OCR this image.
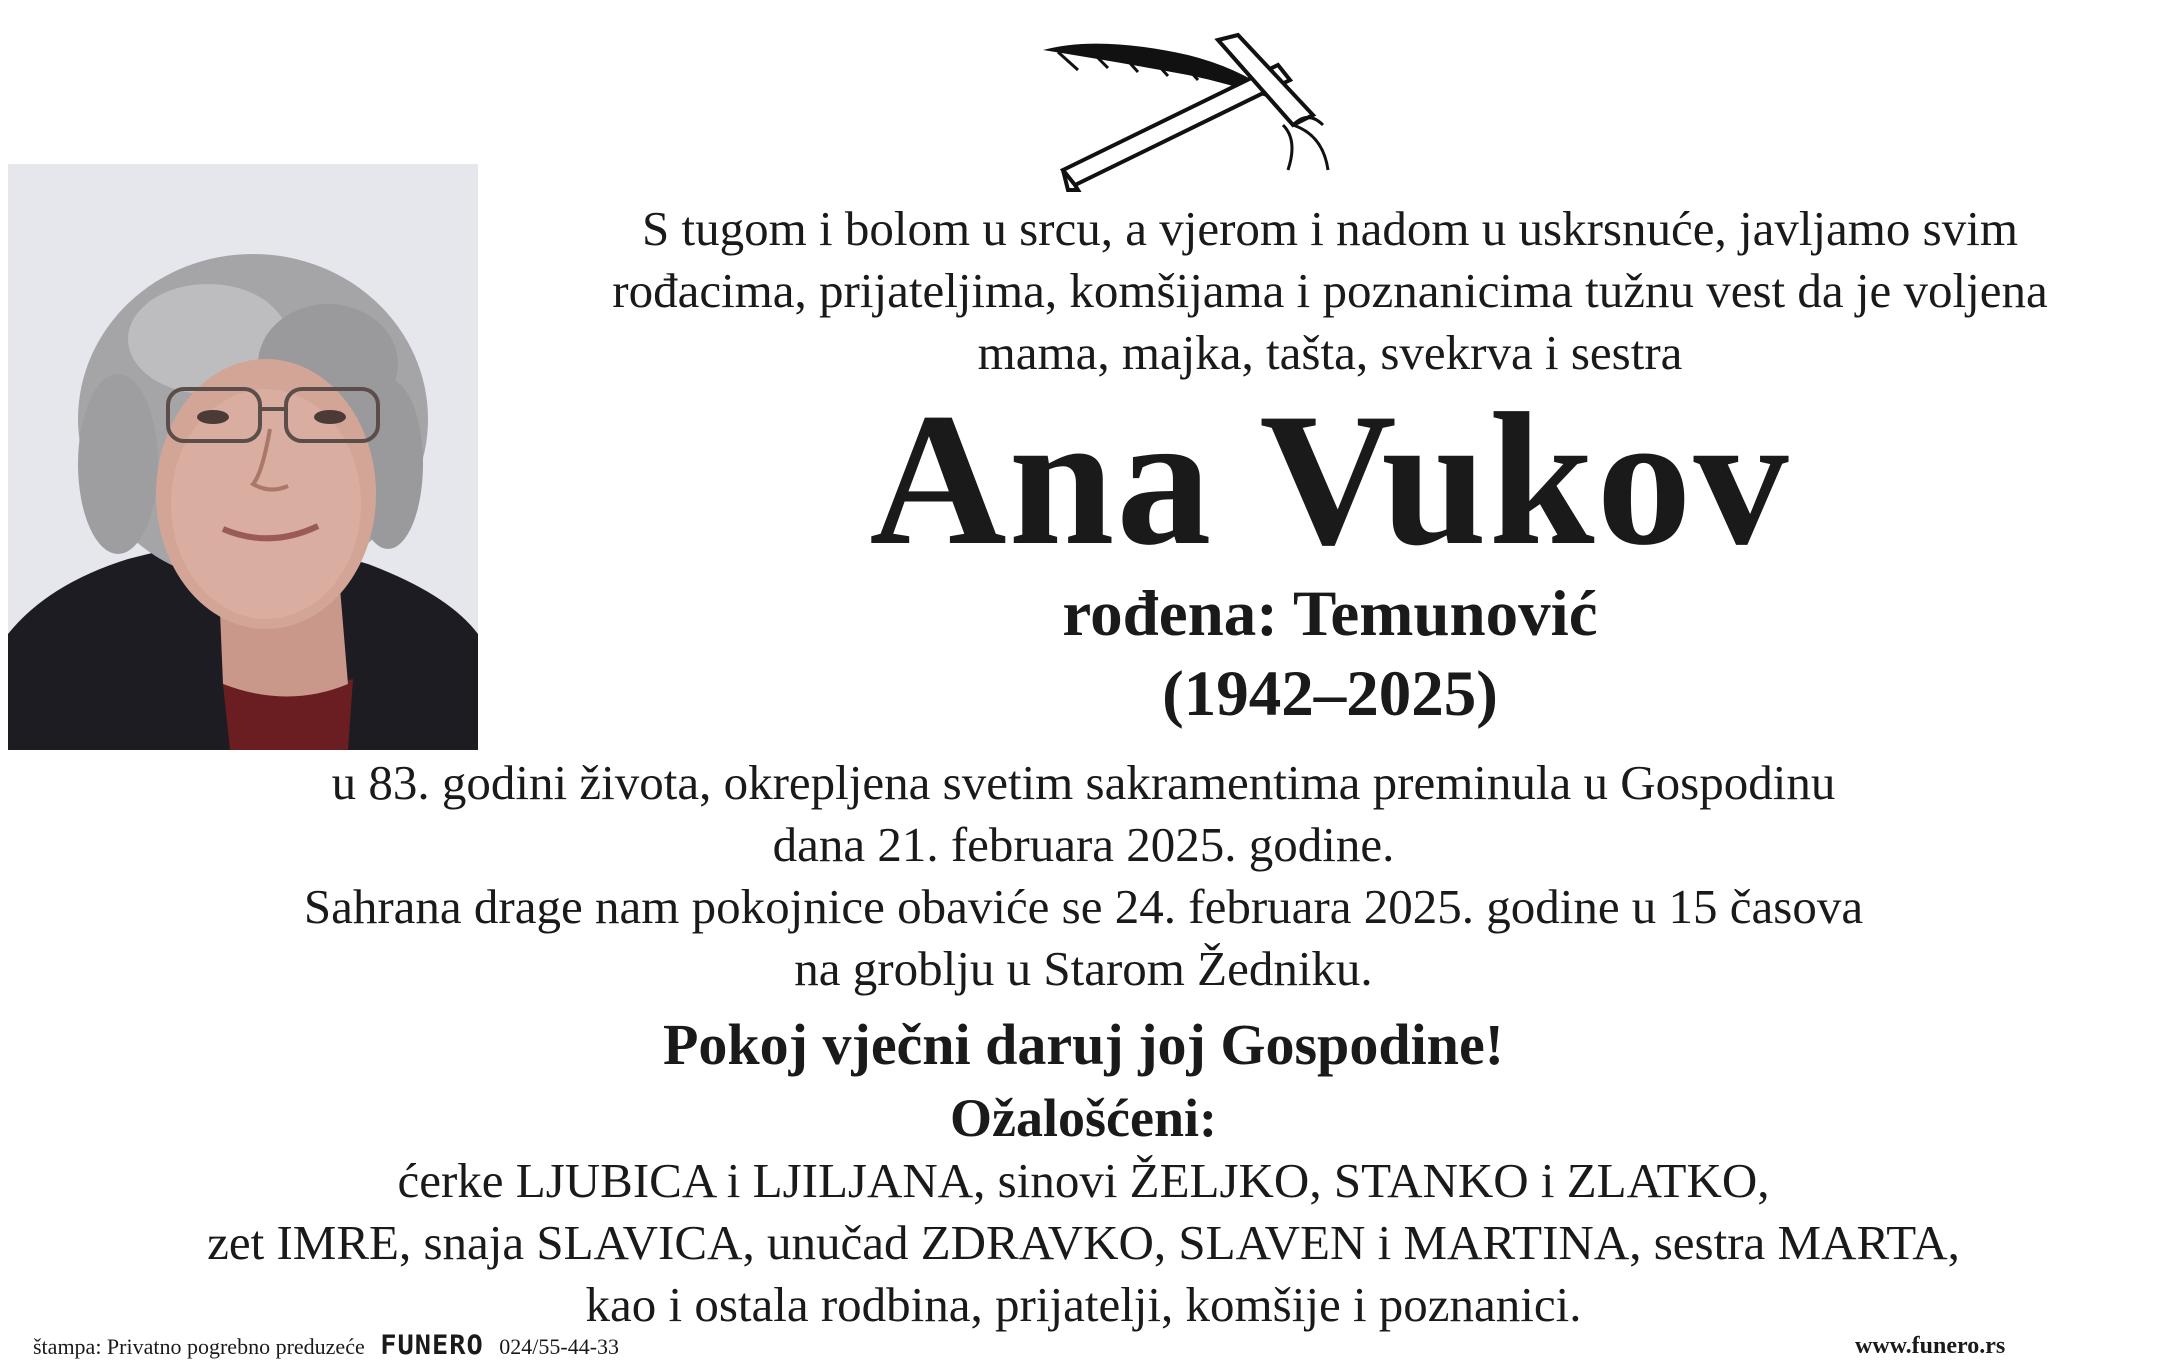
S tugom i bolom u srcu, a vjerom i nadom u uskrsnuće, javljamo svim
rođacima, prijateljima, komšijama i poznanicima tužnu vest da je voljena
mama, majka, tašta, svekrva i sestra
Ana Vukov
rođena: Temunović
(1942–2025)
u 83. godini života, okrepljena svetim sakramentima preminula u Gospodinu
dana 21. februara 2025. godine.
Sahrana drage nam pokojnice obaviće se 24. februara 2025. godine u 15 časova
na groblju u Starom Žedniku.
Pokoj vječni daruj joj Gospodine!
Ožalošćeni:
ćerke LJUBICA i LJILJANA, sinovi ŽELJKO, STANKO i ZLATKO,
zet IMRE, snaja SLAVICA, unučad ZDRAVKO, SLAVEN i MARTINA, sestra MARTA,
kao i ostala rodbina, prijatelji, komšije i poznanici.
štampa: Privatno pogrebno preduzeće FUNERO 024/55-44-33	www.funero.rs
